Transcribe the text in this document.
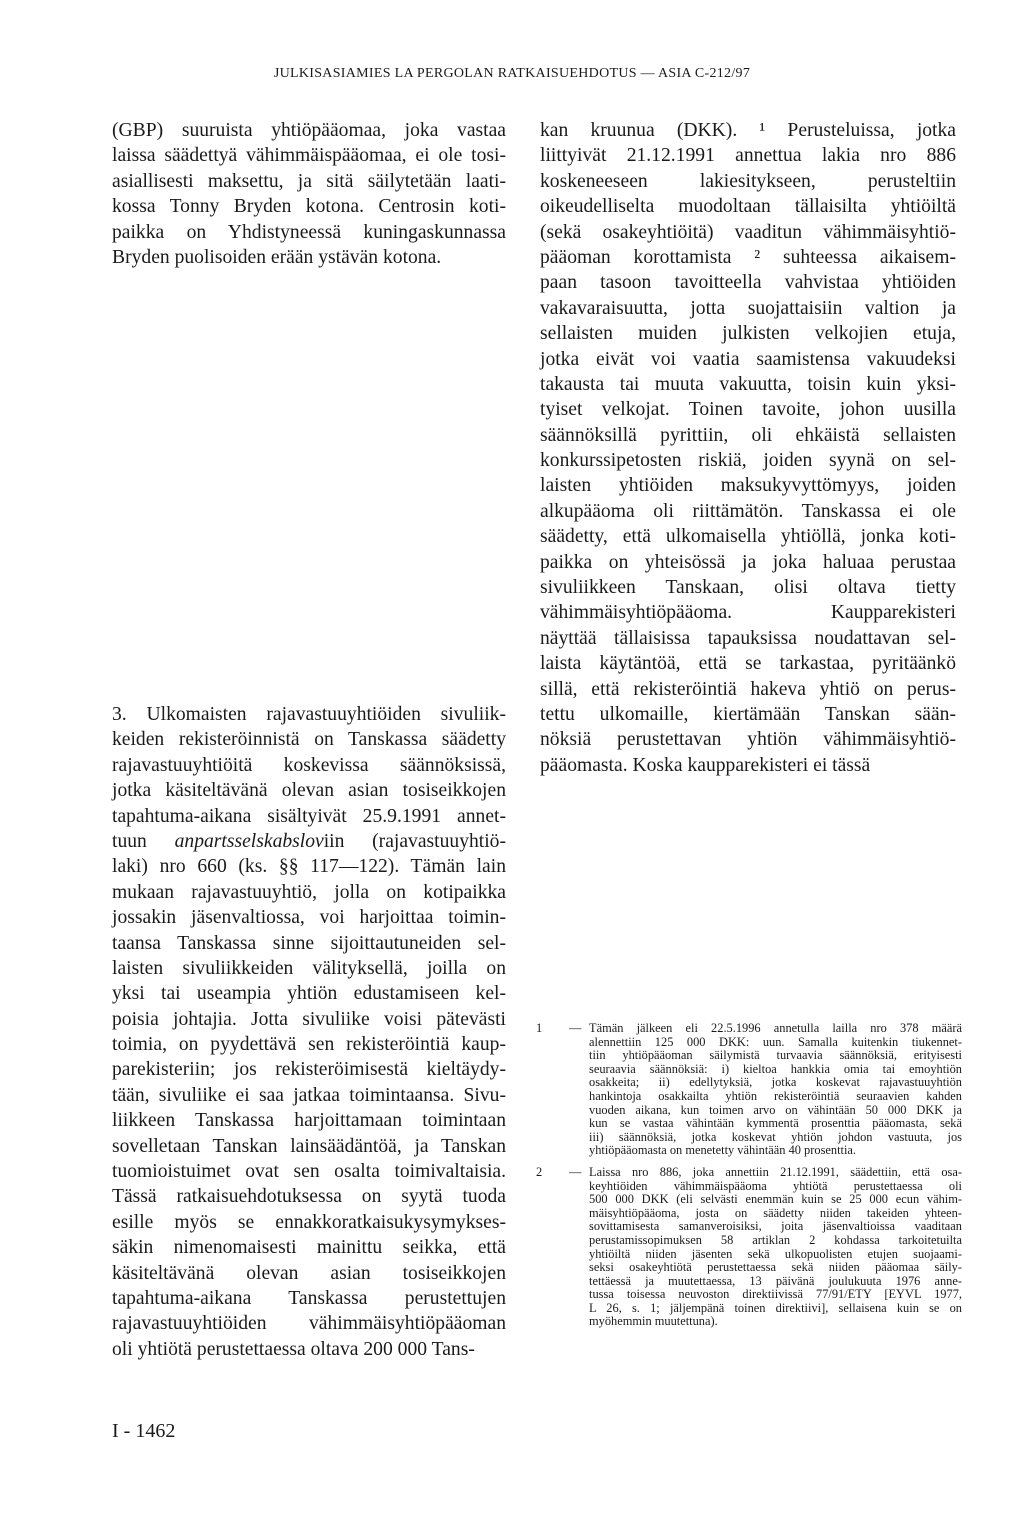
JULKISASIAMIES LA PERGOLAN RATKAISUEHDOTUS — ASIA C-212/97

(GBP) suuruista yhtiöpääomaa, joka vastaa
laissa säädettyä vähimmäispääomaa, ei ole tosi-
asiallisesti maksettu, ja sitä säilytetään laati-
kossa Tonny Bryden kotona. Centrosin koti-
paikka on Yhdistyneessä kuningaskunnassa
Bryden puolisoiden erään ystävän kotona.

3. Ulkomaisten rajavastuuyhtiöiden sivuliik-
keiden rekisteröinnistä on Tanskassa säädetty
rajavastuuyhtiöitä koskevissa säännöksissä,
jotka käsiteltävänä olevan asian tosiseikkojen
tapahtuma-aikana sisältyivät 25.9.1991 annet-
tuun anpartsselskabsloviin (rajavastuuyhtiö-
laki) nro 660 (ks. §§ 117—122). Tämän lain
mukaan rajavastuuyhtiö, jolla on kotipaikka
jossakin jäsenvaltiossa, voi harjoittaa toimin-
taansa Tanskassa sinne sijoittautuneiden sel-
laisten sivuliikkeiden välityksellä, joilla on
yksi tai useampia yhtiön edustamiseen kel-
poisia johtajia. Jotta sivuliike voisi pätevästi
toimia, on pyydettävä sen rekisteröintiä kaup-
parekisteriin; jos rekisteröimisestä kieltäydy-
tään, sivuliike ei saa jatkaa toimintaansa. Sivu-
liikkeen Tanskassa harjoittamaan toimintaan
sovelletaan Tanskan lainsäädäntöä, ja Tanskan
tuomioistuimet ovat sen osalta toimivaltaisia.
Tässä ratkaisuehdotuksessa on syytä tuoda
esille myös se ennakkoratkaisukysymykses-
säkin nimenomaisesti mainittu seikka, että
käsiteltävänä olevan asian tosiseikkojen
tapahtuma-aikana Tanskassa perustettujen
rajavastuuyhtiöiden vähimmäisyhtiöpääoman
oli yhtiötä perustettaessa oltava 200 000 Tans-

kan kruunua (DKK). ¹ Perusteluissa, jotka
liittyivät 21.12.1991 annettua lakia nro 886
koskeneeseen lakiesitykseen, perusteltiin
oikeudelliselta muodoltaan tällaisilta yhtiöiltä
(sekä osakeyhtiöitä) vaaditun vähimmäisyhtiö-
pääoman korottamista ² suhteessa aikaisem-
paan tasoon tavoitteella vahvistaa yhtiöiden
vakavaraisuutta, jotta suojattaisiin valtion ja
sellaisten muiden julkisten velkojien etuja,
jotka eivät voi vaatia saamistensa vakuudeksi
takausta tai muuta vakuutta, toisin kuin yksi-
tyiset velkojat. Toinen tavoite, johon uusilla
säännöksillä pyrittiin, oli ehkäistä sellaisten
konkurssipetosten riskiä, joiden syynä on sel-
laisten yhtiöiden maksukyvyttömyys, joiden
alkupääoma oli riittämätön. Tanskassa ei ole
säädetty, että ulkomaisella yhtiöllä, jonka koti-
paikka on yhteisössä ja joka haluaa perustaa
sivuliikkeen Tanskaan, olisi oltava tietty
vähimmäisyhtiöpääoma. Kaupparekisteri
näyttää tällaisissa tapauksissa noudattavan sel-
laista käytäntöä, että se tarkastaa, pyritäänkö
sillä, että rekisteröintiä hakeva yhtiö on perus-
tettu ulkomaille, kiertämään Tanskan sään-
nöksiä perustettavan yhtiön vähimmäisyhtiö-
pääomasta. Koska kaupparekisteri ei tässä

1	— Tämän jälkeen eli 22.5.1996 annetulla lailla nro 378 määrä
alennettiin 125 000 DKK: uun. Samalla kuitenkin tiukennet-
tiin yhtiöpääoman säilymistä turvaavia säännöksiä, erityisesti
seuraavia säännöksiä: i) kieltoa hankkia omia tai emoyhtiön
osakkeita; ii) edellytyksiä, jotka koskevat rajavastuuyhtiön
hankintoja osakkailta yhtiön rekisteröintiä seuraavien kahden
vuoden aikana, kun toimen arvo on vähintään 50 000 DKK ja
kun se vastaa vähintään kymmentä prosenttia pääomasta, sekä
iii) säännöksiä, jotka koskevat yhtiön johdon vastuuta, jos
yhtiöpääomasta on menetetty vähintään 40 prosenttia.
2	— Laissa nro 886, joka annettiin 21.12.1991, säädettiin, että osa-
keyhtiöiden vähimmäispääoma yhtiötä perustettaessa oli
500 000 DKK (eli selvästi enemmän kuin se 25 000 ecun vähim-
mäisyhtiöpääoma, josta on säädetty niiden takeiden yhteen-
sovittamisesta samanveroisiksi, joita jäsenvaltioissa vaaditaan
perustamissopimuksen 58 artiklan 2 kohdassa tarkoitetuilta
yhtiöiltä niiden jäsenten sekä ulkopuolisten etujen suojaami-
seksi osakeyhtiötä perustettaessa sekä niiden pääomaa säily-
tettäessä ja muutettaessa, 13 päivänä joulukuuta 1976 anne-
tussa toisessa neuvoston direktiivissä 77/91/ETY [EYVL 1977,
L 26, s. 1; jäljempänä toinen direktiivi], sellaisena kuin se on
myöhemmin muutettuna).
I - 1462
